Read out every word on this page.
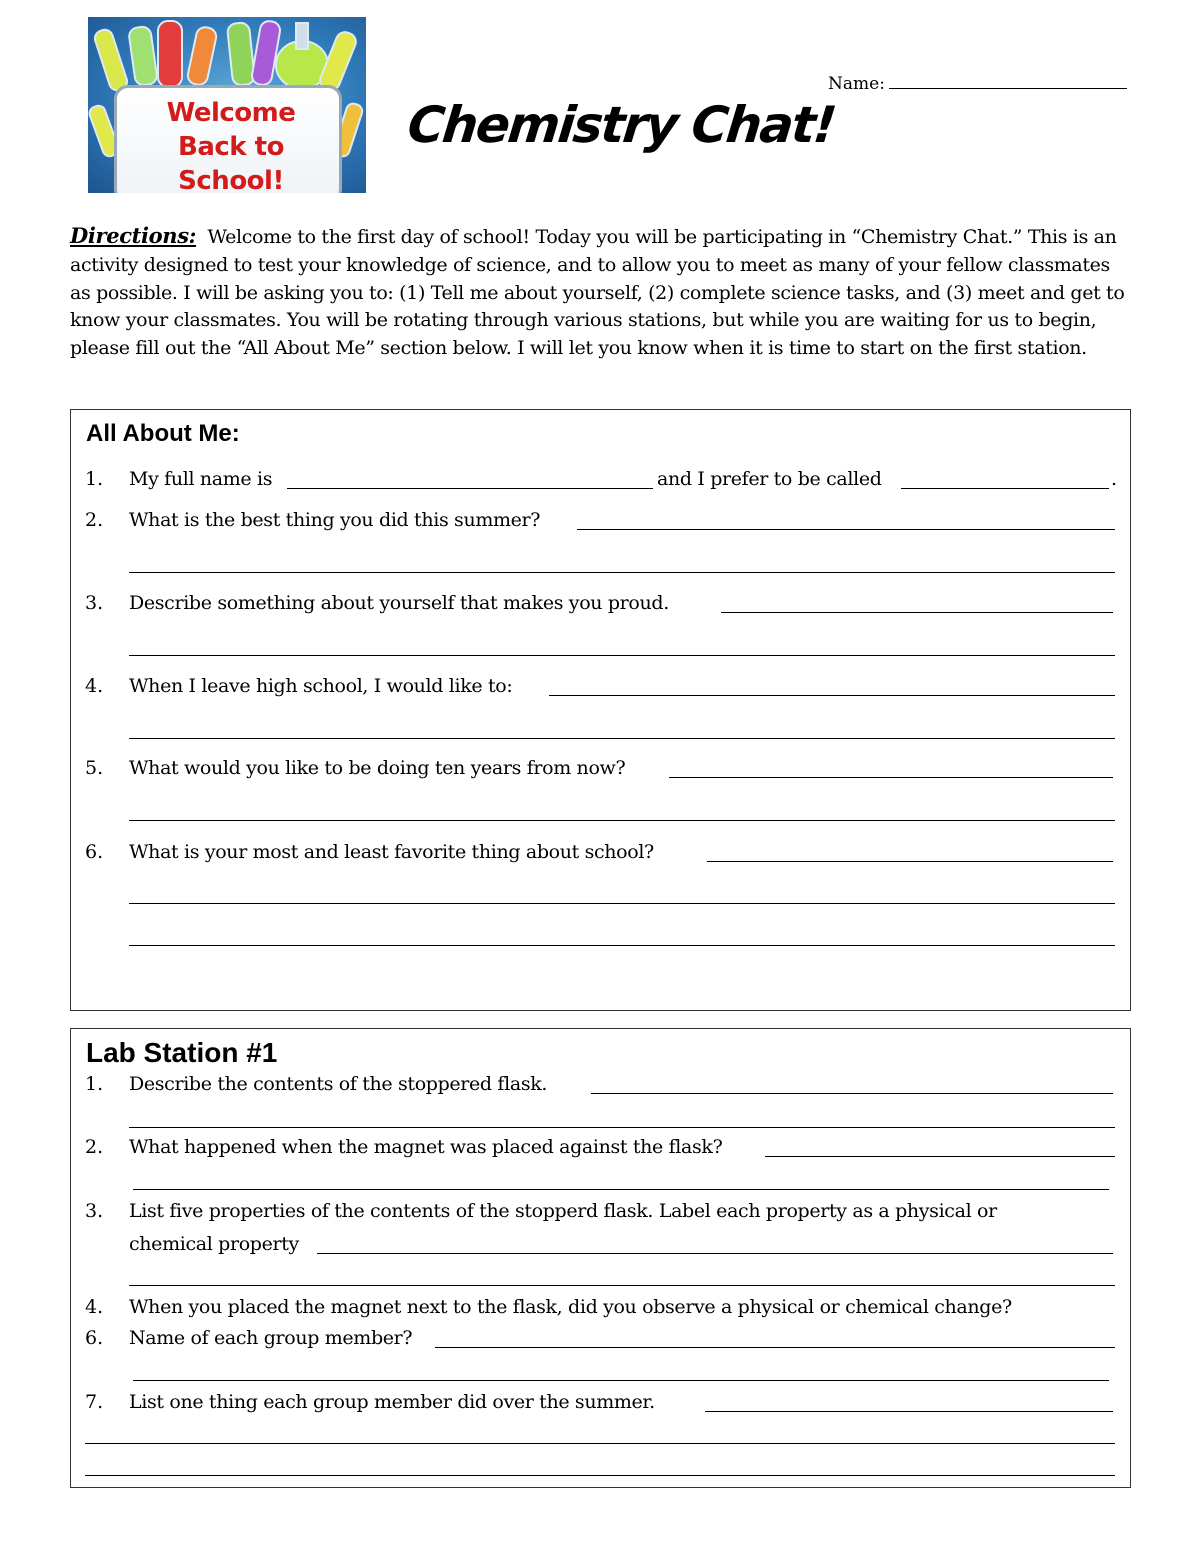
Welcome
Back to
School!
Chemistry Chat!
Name:
Directions: Welcome to the first day of school! Today you will be participating in “Chemistry Chat.” This is an activity designed to test your knowledge of science, and to allow you to meet as many of your fellow classmates as possible. I will be asking you to: (1) Tell me about yourself, (2) complete science tasks, and (3) meet and get to know your classmates. You will be rotating through various stations, but while you are waiting for us to begin, please fill out the “All About Me” section below. I will let you know when it is time to start on the first station.
All About Me:
1. My full name is	and I prefer to be called	.
2. What is the best thing you did this summer?
3. Describe something about yourself that makes you proud.
4. When I leave high school, I would like to:
5. What would you like to be doing ten years from now?
6. What is your most and least favorite thing about school?
Lab Station #1
1. Describe the contents of the stoppered flask.
2. What happened when the magnet was placed against the flask?
3. List five properties of the contents of the stopperd flask. Label each property as a physical or
chemical property
4. When you placed the magnet next to the flask, did you observe a physical or chemical change?
6. Name of each group member?
7. List one thing each group member did over the summer.
